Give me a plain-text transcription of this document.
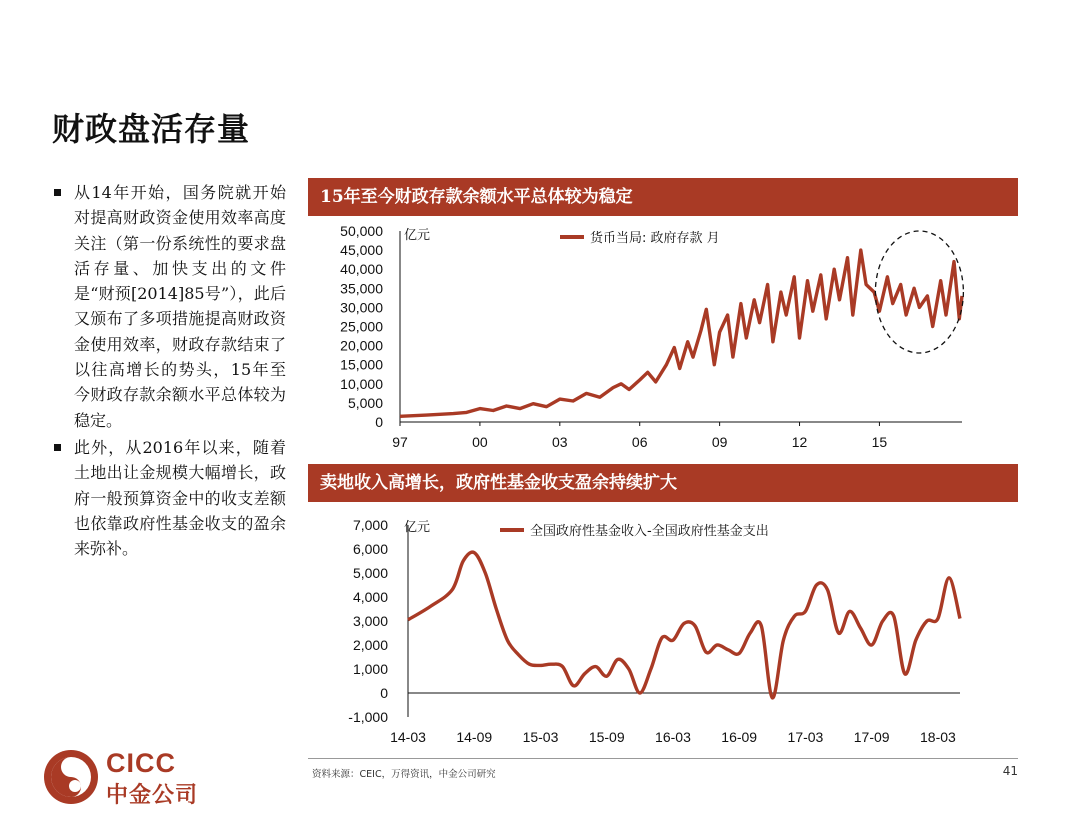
财政盘活存量
从14年开始，国务院就开始对提高财政资金使用效率高度关注（第一份系统性的要求盘活存量、加快支出的文件是“财预[2014]85号”），此后又颁布了多项措施提高财政资金使用效率，财政存款结束了以往高增长的势头，15年至今财政存款余额水平总体较为稳定。
此外，从2016年以来，随着土地出让金规模大幅增长，政府一般预算资金中的收支差额也依靠政府性基金收支的盈余来弥补。
15年至今财政存款余额水平总体较为稳定
卖地收入高增长，政府性基金收支盈余持续扩大
50,000
45,000
40,000
35,000
30,000
25,000
20,000
15,000
10,000
5,000
0
97	00	03	06	09	12	15
亿元	货币当局: 政府存款 月
7,000
6,000
5,000
4,000
3,000
2,000
1,000
0
-1,000
14-03 14-09 15-03 15-09 16-03 16-09 17-03 17-09 18-03
亿元	全国政府性基金收入-全国政府性基金支出
资料来源：CEIC，万得资讯，中金公司研究	41
CICC
中金公司
